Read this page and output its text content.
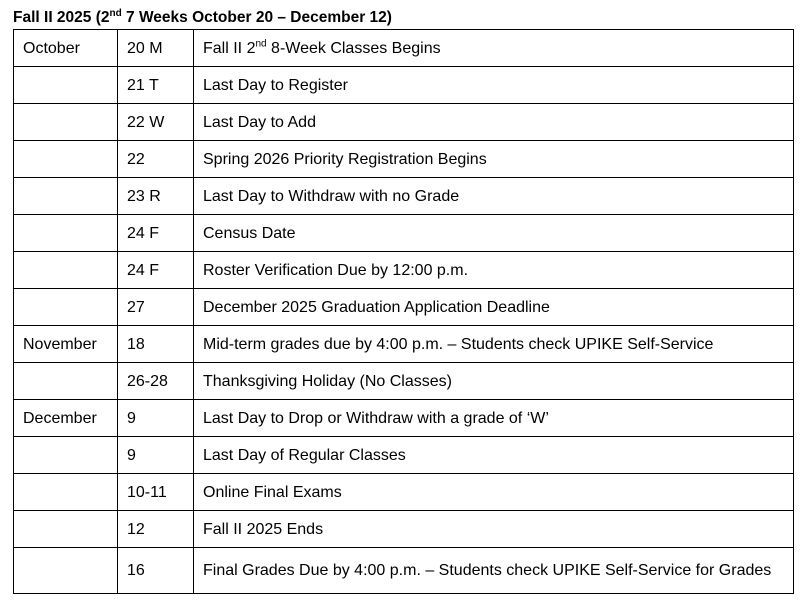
Fall II 2025 (2nd 7 Weeks October 20 – December 12)
October	20 M	Fall II 2nd 8-Week Classes Begins
	21 T	Last Day to Register
	22 W	Last Day to Add
	22	Spring 2026 Priority Registration Begins
	23 R	Last Day to Withdraw with no Grade
	24 F	Census Date
	24 F	Roster Verification Due by 12:00 p.m.
	27	December 2025 Graduation Application Deadline
November	18	Mid-term grades due by 4:00 p.m. – Students check UPIKE Self-Service
	26-28	Thanksgiving Holiday (No Classes)
December	9	Last Day to Drop or Withdraw with a grade of ‘W’
	9	Last Day of Regular Classes
	10-11	Online Final Exams
	12	Fall II 2025 Ends
	16	Final Grades Due by 4:00 p.m. – Students check UPIKE Self-Service for Grades
